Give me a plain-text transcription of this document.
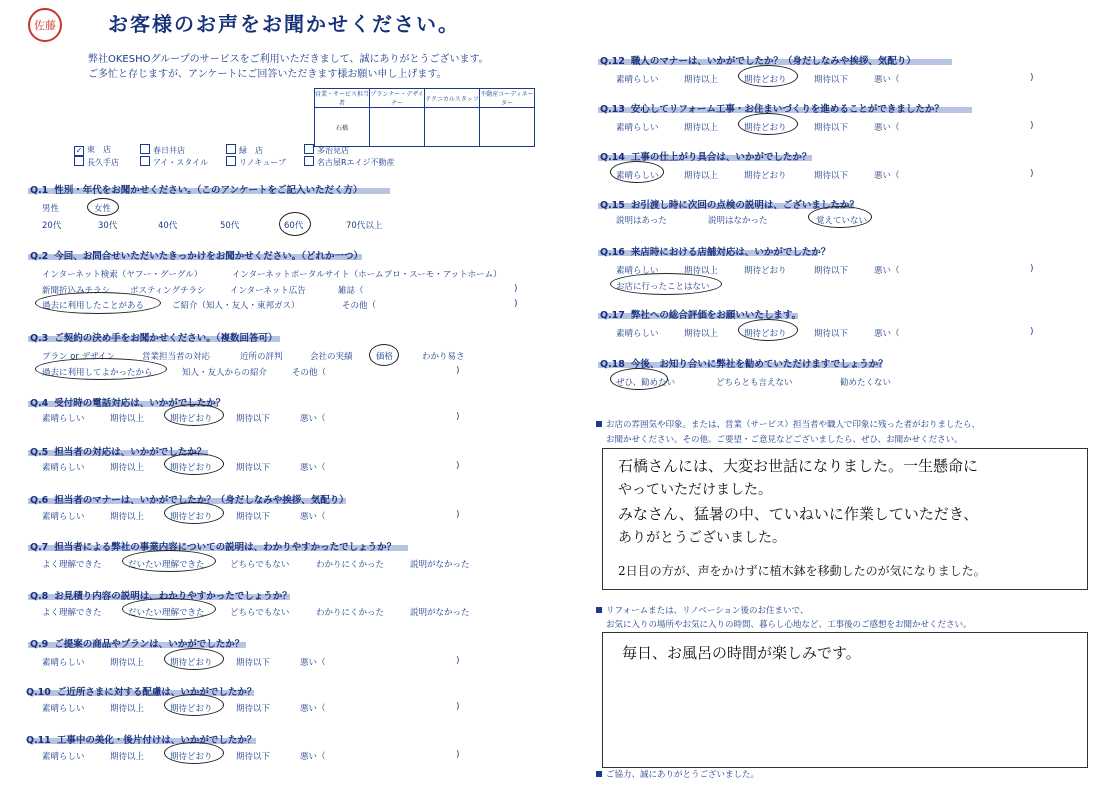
佐藤	お客様のお声をお聞かせください。
弊社OKESHOグループのサービスをご利用いただきまして、誠にありがとうございます。
ご多忙と存じますが、アンケートにご回答いただきます様お願い申し上げます。
営業・サービス担当者	プランナー・デザイナー	テクニカルスタッフ	不動産コーディネーター
石橋			
✓ 東　店	春日井店	緑　店	多治見店
長久手店	アイ・スタイル	リノキューブ	名古屋Rエイジ不動産
Q.1 性別・年代をお聞かせください。（このアンケートをご記入いただく方）
男性	女性
20代	30代	40代	50代	60代	70代以上
Q.2 今回、お問合せいただいたきっかけをお聞かせください。（どれか一つ）
インターネット検索（ヤフー・グーグル）	インターネットポータルサイト（ホームプロ・スーモ・アットホーム）
新聞折込みチラシ ポスティングチラシ	インターネット広告	雑誌（	)
過去に利用したことがある	ご紹介（知人・友人・東邦ガス）	その他（	)
Q.3 ご契約の決め手をお聞かせください。（複数回答可）
プラン or デザイン	営業担当者の対応	近所の評判	会社の実績	価格	わかり易さ
過去に利用してよかったから	知人・友人からの紹介	その他（	)
Q.4 受付時の電話対応は、いかがでしたか？
素晴らしい	期待以上	期待どおり	期待以下	悪い（	)
Q.5 担当者の対応は、いかがでしたか？
素晴らしい	期待以上	期待どおり	期待以下	悪い（	)
Q.6 担当者のマナーは、いかがでしたか？（身だしなみや挨拶、気配り）
素晴らしい	期待以上	期待どおり	期待以下	悪い（	)
Q.7 担当者による弊社の事業内容についての説明は、わかりやすかったでしょうか？
よく理解できた	だいたい理解できた	どちらでもない	わかりにくかった	説明がなかった
Q.8 お見積り内容の説明は、わかりやすかったでしょうか？
よく理解できた	だいたい理解できた	どちらでもない	わかりにくかった	説明がなかった
Q.9 ご提案の商品やプランは、いかがでしたか？
素晴らしい	期待以上	期待どおり	期待以下	悪い（	)
Q.10 ご近所さまに対する配慮は、いかがでしたか？
素晴らしい	期待以上	期待どおり	期待以下	悪い（	)
Q.11 工事中の美化・後片付けは、いかがでしたか？
素晴らしい	期待以上	期待どおり	期待以下	悪い（	)
Q.12 職人のマナーは、いかがでしたか？（身だしなみや挨拶、気配り）
素晴らしい	期待以上	期待どおり	期待以下	悪い（	)
Q.13 安心してリフォーム工事・お住まいづくりを進めることができましたか？
素晴らしい	期待以上	期待どおり	期待以下	悪い（	)
Q.14 工事の仕上がり具合は、いかがでしたか？
素晴らしい	期待以上	期待どおり	期待以下	悪い（	)
Q.15 お引渡し時に次回の点検の説明は、ございましたか？
説明はあった	説明はなかった	覚えていない
Q.16 来店時における店舗対応は、いかがでしたか？
素晴らしい	期待以上	期待どおり	期待以下	悪い（	)
お店に行ったことはない
Q.17 弊社への総合評価をお願いいたします。
素晴らしい	期待以上	期待どおり	期待以下	悪い（	)
Q.18 今後、お知り合いに弊社を勧めていただけますでしょうか？
ぜひ、勧めたい	どちらとも言えない	勧めたくない
お店の雰囲気や印象。または、営業（サービス）担当者や職人で印象に残った者がおりましたら、
お聞かせください。その他、ご要望・ご意見などございましたら、ぜひ、お聞かせください。
石橋さんには、大変お世話になりました。一生懸命に
やっていただけました。
みなさん、猛暑の中、ていねいに作業していただき、
ありがとうございました。
2日目の方が、声をかけずに植木鉢を移動したのが気になりました。
リフォームまたは、リノベーション後のお住まいで、
お気に入りの場所やお気に入りの時間、暮らし心地など、工事後のご感想をお聞かせください。
毎日、お風呂の時間が楽しみです。
ご協力、誠にありがとうございました。
